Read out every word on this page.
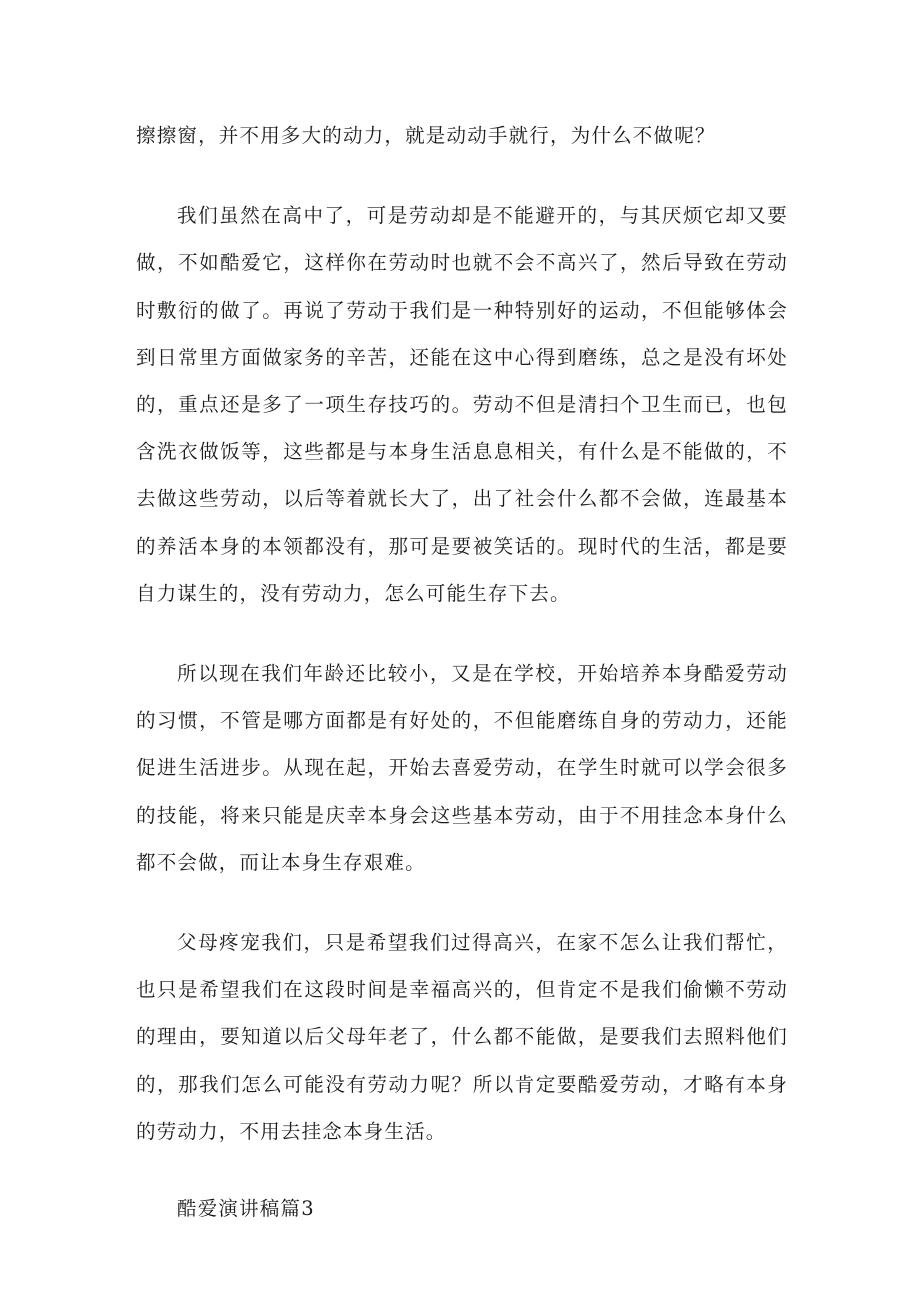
擦擦窗，并不用多大的动力，就是动动手就行，为什么不做呢？

我们虽然在高中了，可是劳动却是不能避开的，与其厌烦它却又要做，不如酷爱它，这样你在劳动时也就不会不高兴了，然后导致在劳动时敷衍的做了。再说了劳动于我们是一种特别好的运动，不但能够体会到日常里方面做家务的辛苦，还能在这中心得到磨练，总之是没有坏处的，重点还是多了一项生存技巧的。劳动不但是清扫个卫生而已，也包含洗衣做饭等，这些都是与本身生活息息相关，有什么是不能做的，不去做这些劳动，以后等着就长大了，出了社会什么都不会做，连最基本的养活本身的本领都没有，那可是要被笑话的。现时代的生活，都是要自力谋生的，没有劳动力，怎么可能生存下去。

所以现在我们年龄还比较小，又是在学校，开始培养本身酷爱劳动的习惯，不管是哪方面都是有好处的，不但能磨练自身的劳动力，还能促进生活进步。从现在起，开始去喜爱劳动，在学生时就可以学会很多的技能，将来只能是庆幸本身会这些基本劳动，由于不用挂念本身什么都不会做，而让本身生存艰难。

父母疼宠我们，只是希望我们过得高兴，在家不怎么让我们帮忙，也只是希望我们在这段时间是幸福高兴的，但肯定不是我们偷懒不劳动的理由，要知道以后父母年老了，什么都不能做，是要我们去照料他们的，那我们怎么可能没有劳动力呢？所以肯定要酷爱劳动，才略有本身的劳动力，不用去挂念本身生活。

酷爱演讲稿篇3
